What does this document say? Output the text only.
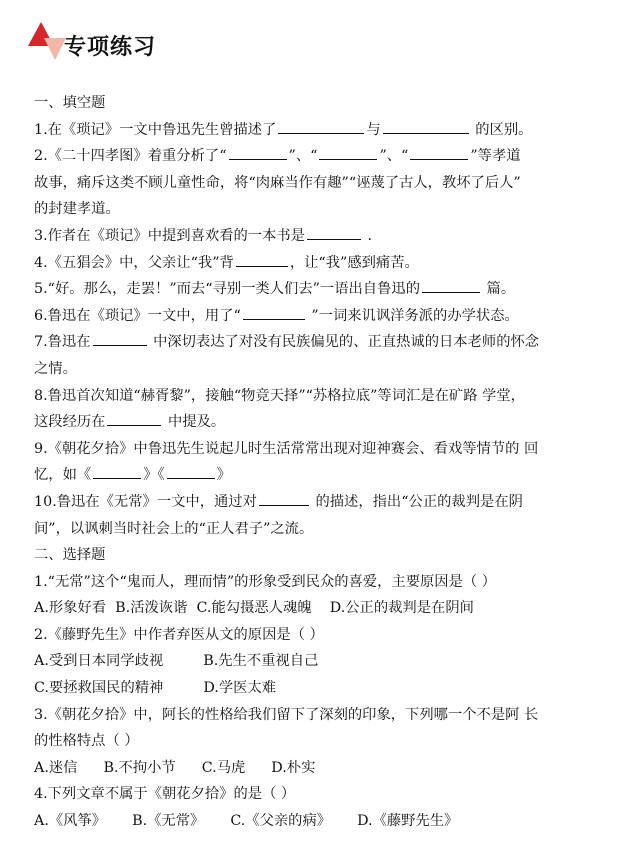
专项练习
一、填空题
1.在《琐记》一文中鲁迅先生曾描述了	与	的区别。
2.《二十四孝图》着重分析了“	”、“	”、“	”等孝道
故事，痛斥这类不顾儿童性命，将“肉麻当作有趣”“诬蔑了古人，教坏了后人”
的封建孝道。
3.作者在《琐记》中提到喜欢看的一本书是	.
4.《五猖会》中，父亲让“我”背	，让“我”感到痛苦。
5.“好。那么，走罢！”而去“寻别一类人们去”一语出自鲁迅的	篇。
6.鲁迅在《琐记》一文中，用了“	”一词来讥讽洋务派的办学状态。
7.鲁迅在	中深切表达了对没有民族偏见的、正直热诚的日本老师的怀念
之情。
8.鲁迅首次知道“赫胥黎”，接触“物竞天择”“苏格拉底”等词汇是在矿路 学堂，
这段经历在	中提及。
9.《朝花夕拾》中鲁迅先生说起儿时生活常常出现对迎神赛会、看戏等情节的 回
忆，如《	》《	》
10.鲁迅在《无常》一文中，通过对	的描述，指出“公正的裁判是在阴
间”，以讽刺当时社会上的“正人君子”之流。
二、选择题
1.“无常”这个“鬼而人，理而情”的形象受到民众的喜爱，主要原因是（ ）
A.形象好看 B.活泼诙谐 C.能勾摄恶人魂魄 D.公正的裁判是在阴间
2.《藤野先生》中作者弃医从文的原因是（ ）
A.受到日本同学歧视	B.先生不重视自己
C.要拯救国民的精神	D.学医太难
3.《朝花夕拾》中，阿长的性格给我们留下了深刻的印象，下列哪一个不是阿 长
的性格特点（ ）
A.迷信 B.不拘小节 C.马虎 D.朴实
4.下列文章不属于《朝花夕拾》的是（ ）
A.《风筝》 B.《无常》 C.《父亲的病》 D.《藤野先生》
